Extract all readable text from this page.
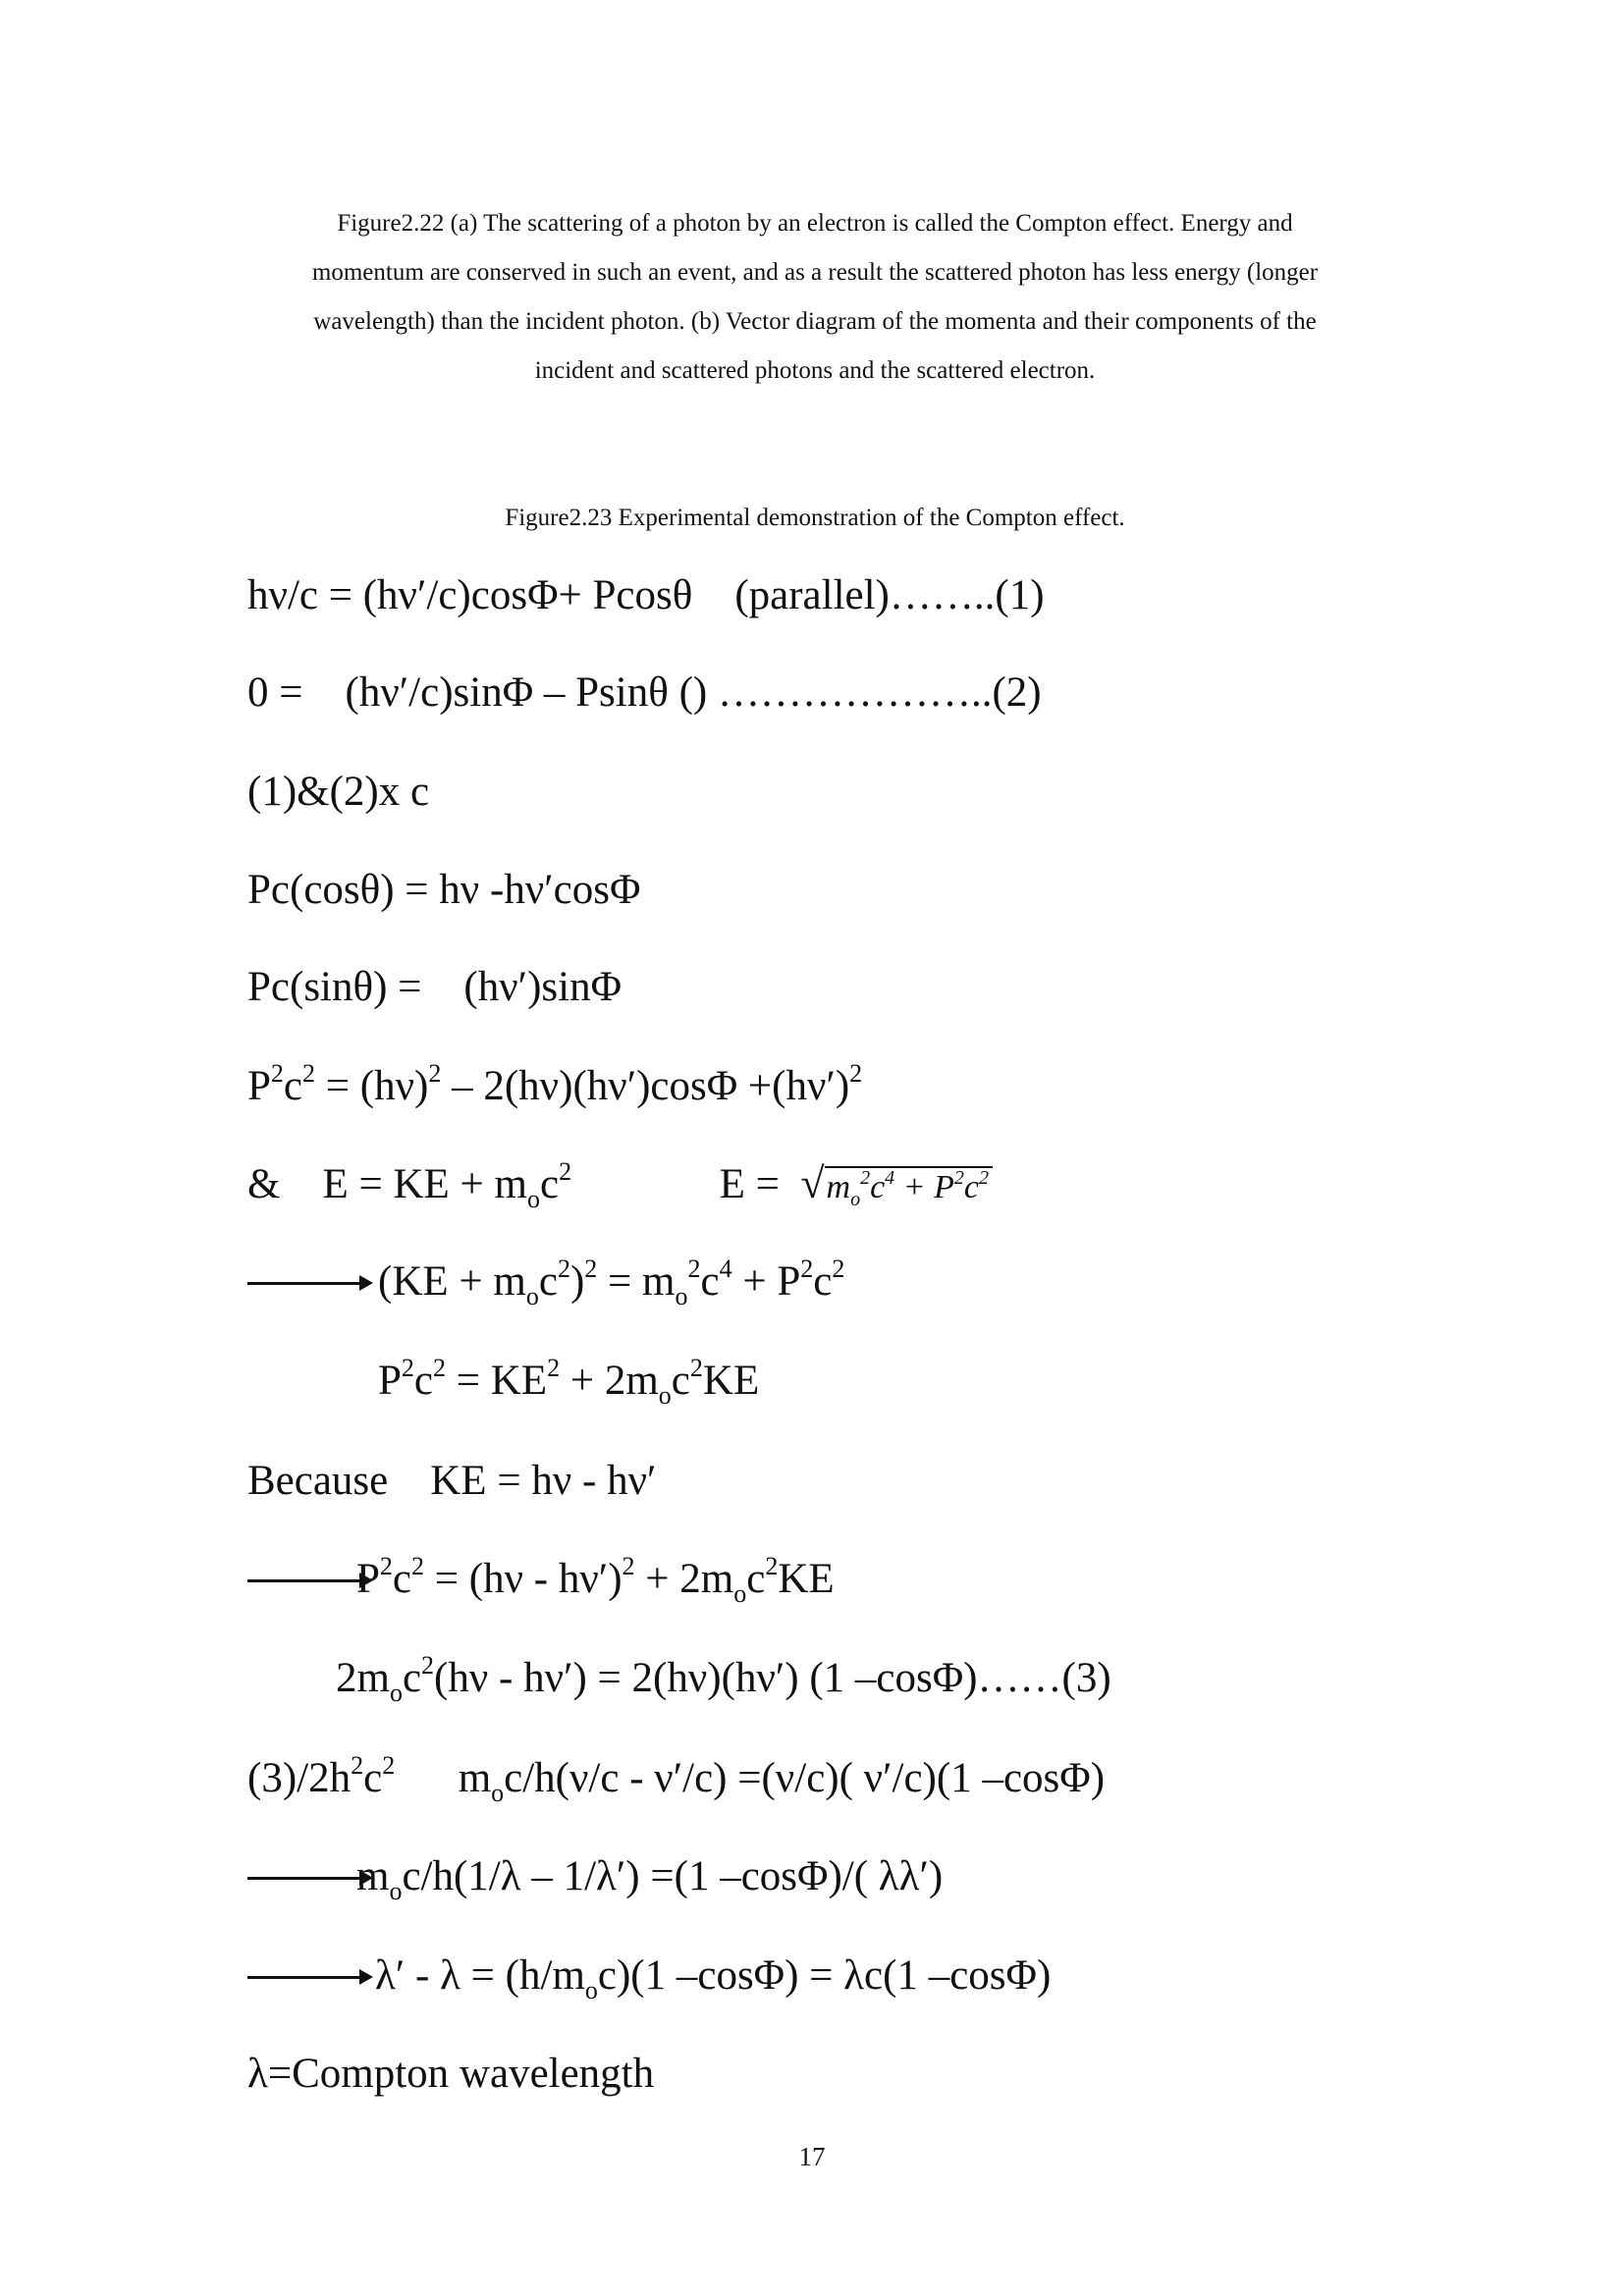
Figure2.22 (a) The scattering of a photon by an electron is called the Compton effect. Energy and
momentum are conserved in such an event, and as a result the scattered photon has less energy (longer
wavelength) than the incident photon. (b) Vector diagram of the momenta and their components of the
incident and scattered photons and the scattered electron.
Figure2.23 Experimental demonstration of the Compton effect.
hν/c = (hν′/c)cosΦ+ Pcosθ    (parallel)……..(1)
0 =    (hν′/c)sinΦ – Psinθ () ………………..(2)
(1)&(2)x c
Pc(cosθ) = hν -hν′cosΦ
Pc(sinθ) =    (hν′)sinΦ
$P^2c^2 = (h\nu)^2 - 2(h\nu)(h\nu')\cos\Phi +(h\nu')^2$
&    E = KE + $m_oc^2$              $E = √m_o^2c^4 + P^2c^2$
$(KE + m_oc^2)^2 = m_o^2c^4 + P^2c^2$
$P^2c^2 = KE^2 + 2m_oc^2KE$
Because    KE = hν - hν′
$P^2c^2 = (h\nu - h\nu')^2 + 2m_oc^2KE$
$2m_oc^2(h\nu - h\nu') = 2(h\nu)(h\nu')$ (1 –cosΦ)……(3)
$(3)/2h^2c^2$      $m_oc/h(\nu/c - \nu'/c) =(\nu/c)$( ν′/c)(1 –cosΦ)
$m_oc/h(1/\lambda - 1/\lambda') =(1$ –cosΦ)/( λλ′)
$\lambda' - \lambda = (h/m_oc)(1$ –cosΦ) = λc(1 –cosΦ)
λ=Compton wavelength
17
